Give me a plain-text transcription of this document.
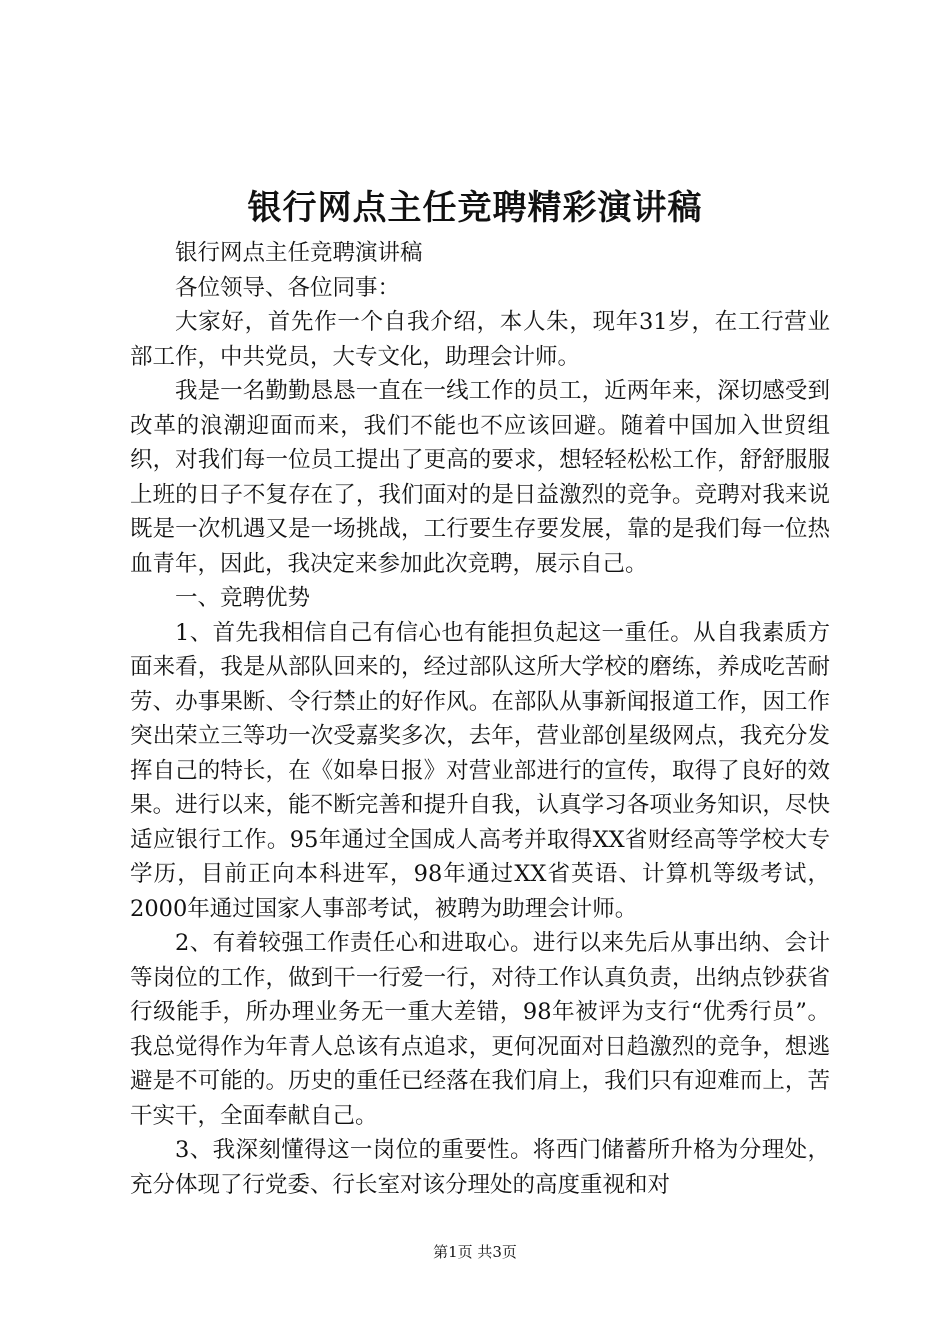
银行网点主任竞聘精彩演讲稿

银行网点主任竞聘演讲稿

各位领导、各位同事：

大家好，首先作一个自我介绍，本人朱，现年31岁，在工行营业部工作，中共党员，大专文化，助理会计师。

我是一名勤勤恳恳一直在一线工作的员工，近两年来，深切感受到改革的浪潮迎面而来，我们不能也不应该回避。随着中国加入世贸组织，对我们每一位员工提出了更高的要求，想轻轻松松工作，舒舒服服上班的日子不复存在了，我们面对的是日益激烈的竞争。竞聘对我来说既是一次机遇又是一场挑战，工行要生存要发展，靠的是我们每一位热血青年，因此，我决定来参加此次竞聘，展示自己。

一、竞聘优势

1、首先我相信自己有信心也有能担负起这一重任。从自我素质方面来看，我是从部队回来的，经过部队这所大学校的磨练，养成吃苦耐劳、办事果断、令行禁止的好作风。在部队从事新闻报道工作，因工作突出荣立三等功一次受嘉奖多次，去年，营业部创星级网点，我充分发挥自己的特长，在《如皋日报》对营业部进行的宣传，取得了良好的效果。进行以来，能不断完善和提升自我，认真学习各项业务知识，尽快适应银行工作。95年通过全国成人高考并取得XX省财经高等学校大专学历，目前正向本科进军，98年通过XX省英语、计算机等级考试，2000年通过国家人事部考试，被聘为助理会计师。

2、有着较强工作责任心和进取心。进行以来先后从事出纳、会计等岗位的工作，做到干一行爱一行，对待工作认真负责，出纳点钞获省行级能手，所办理业务无一重大差错，98年被评为支行“优秀行员”。我总觉得作为年青人总该有点追求，更何况面对日趋激烈的竞争，想逃避是不可能的。历史的重任已经落在我们肩上，我们只有迎难而上，苦干实干，全面奉献自己。

3、我深刻懂得这一岗位的重要性。将西门储蓄所升格为分理处，充分体现了行党委、行长室对该分理处的高度重视和对

第1页 共3页
